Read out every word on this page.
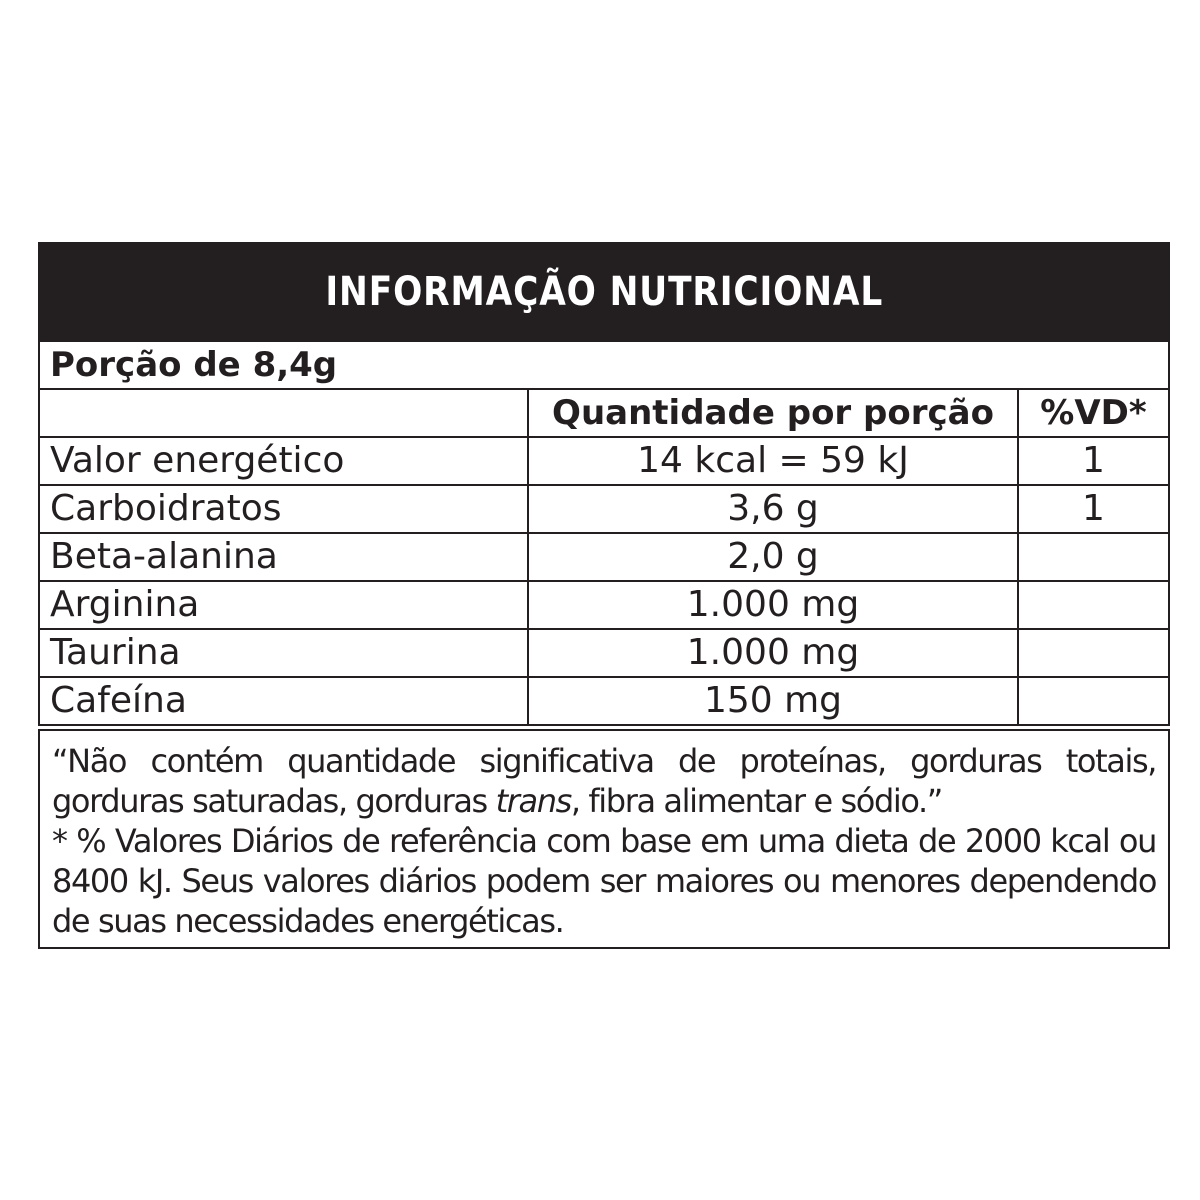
INFORMAÇÃO NUTRICIONAL
Porção de 8,4g
	Quantidade por porção	%VD*
Valor energético	14 kcal = 59 kJ	1
Carboidratos	3,6 g	1
Beta-alanina	2,0 g	
Arginina	1.000 mg	
Taurina	1.000 mg	
Cafeína	150 mg	

“Não contém quantidade significativa de proteínas, gorduras totais, gorduras saturadas, gorduras trans, fibra alimentar e sódio.”

* % Valores Diários de referência com base em uma dieta de 2000 kcal ou 8400 kJ. Seus valores diários podem ser maiores ou menores dependendo de suas necessidades energéticas.
